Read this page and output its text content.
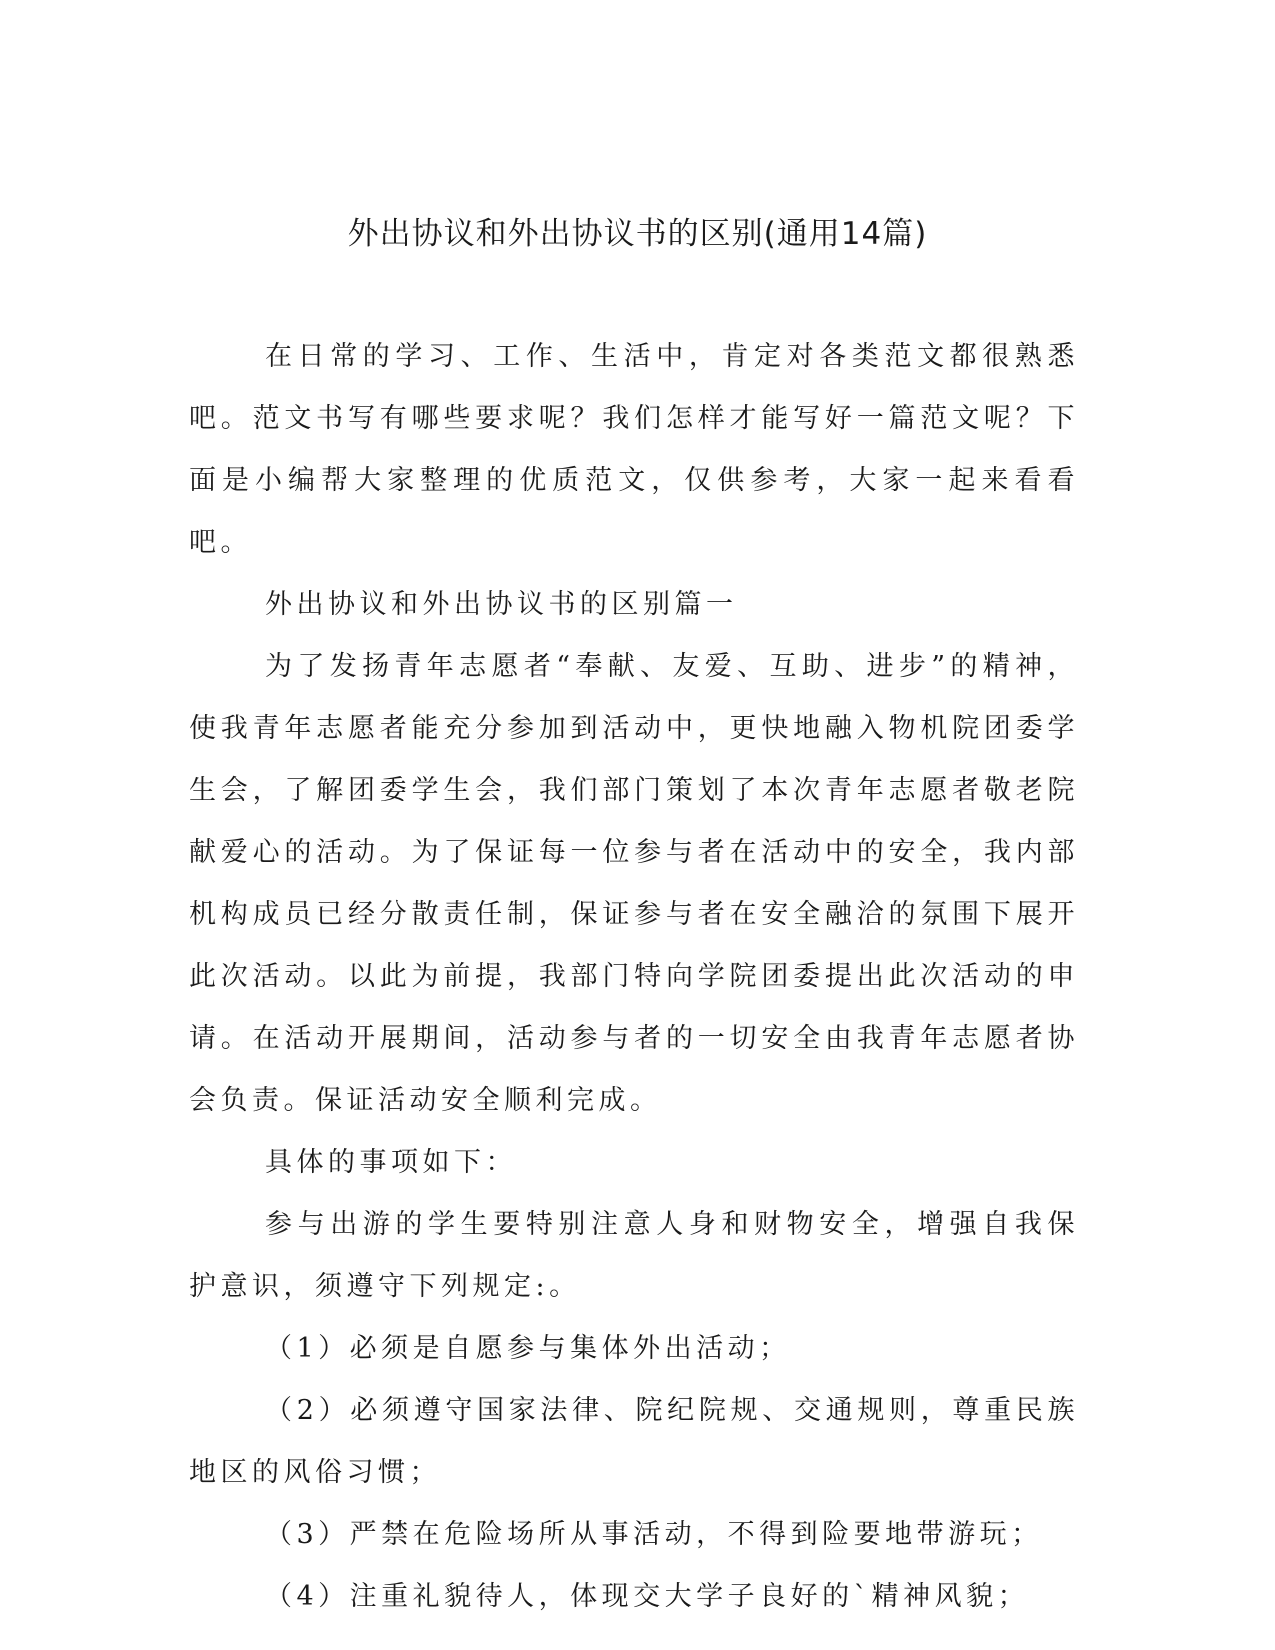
外出协议和外出协议书的区别(通用14篇)

在日常的学习、工作、生活中，肯定对各类范文都很熟悉吧。范文书写有哪些要求呢？我们怎样才能写好一篇范文呢？下面是小编帮大家整理的优质范文，仅供参考，大家一起来看看吧。

外出协议和外出协议书的区别篇一

为了发扬青年志愿者“奉献、友爱、互助、进步”的精神，使我青年志愿者能充分参加到活动中，更快地融入物机院团委学生会，了解团委学生会，我们部门策划了本次青年志愿者敬老院献爱心的活动。为了保证每一位参与者在活动中的安全，我内部机构成员已经分散责任制，保证参与者在安全融洽的氛围下展开此次活动。以此为前提，我部门特向学院团委提出此次活动的申请。在活动开展期间，活动参与者的一切安全由我青年志愿者协会负责。保证活动安全顺利完成。

具体的事项如下：

参与出游的学生要特别注意人身和财物安全，增强自我保护意识，须遵守下列规定:。

（1）必须是自愿参与集体外出活动；

（2）必须遵守国家法律、院纪院规、交通规则，尊重民族地区的风俗习惯；

（3）严禁在危险场所从事活动，不得到险要地带游玩；

（4）注重礼貌待人，体现交大学子良好的`精神风貌；
